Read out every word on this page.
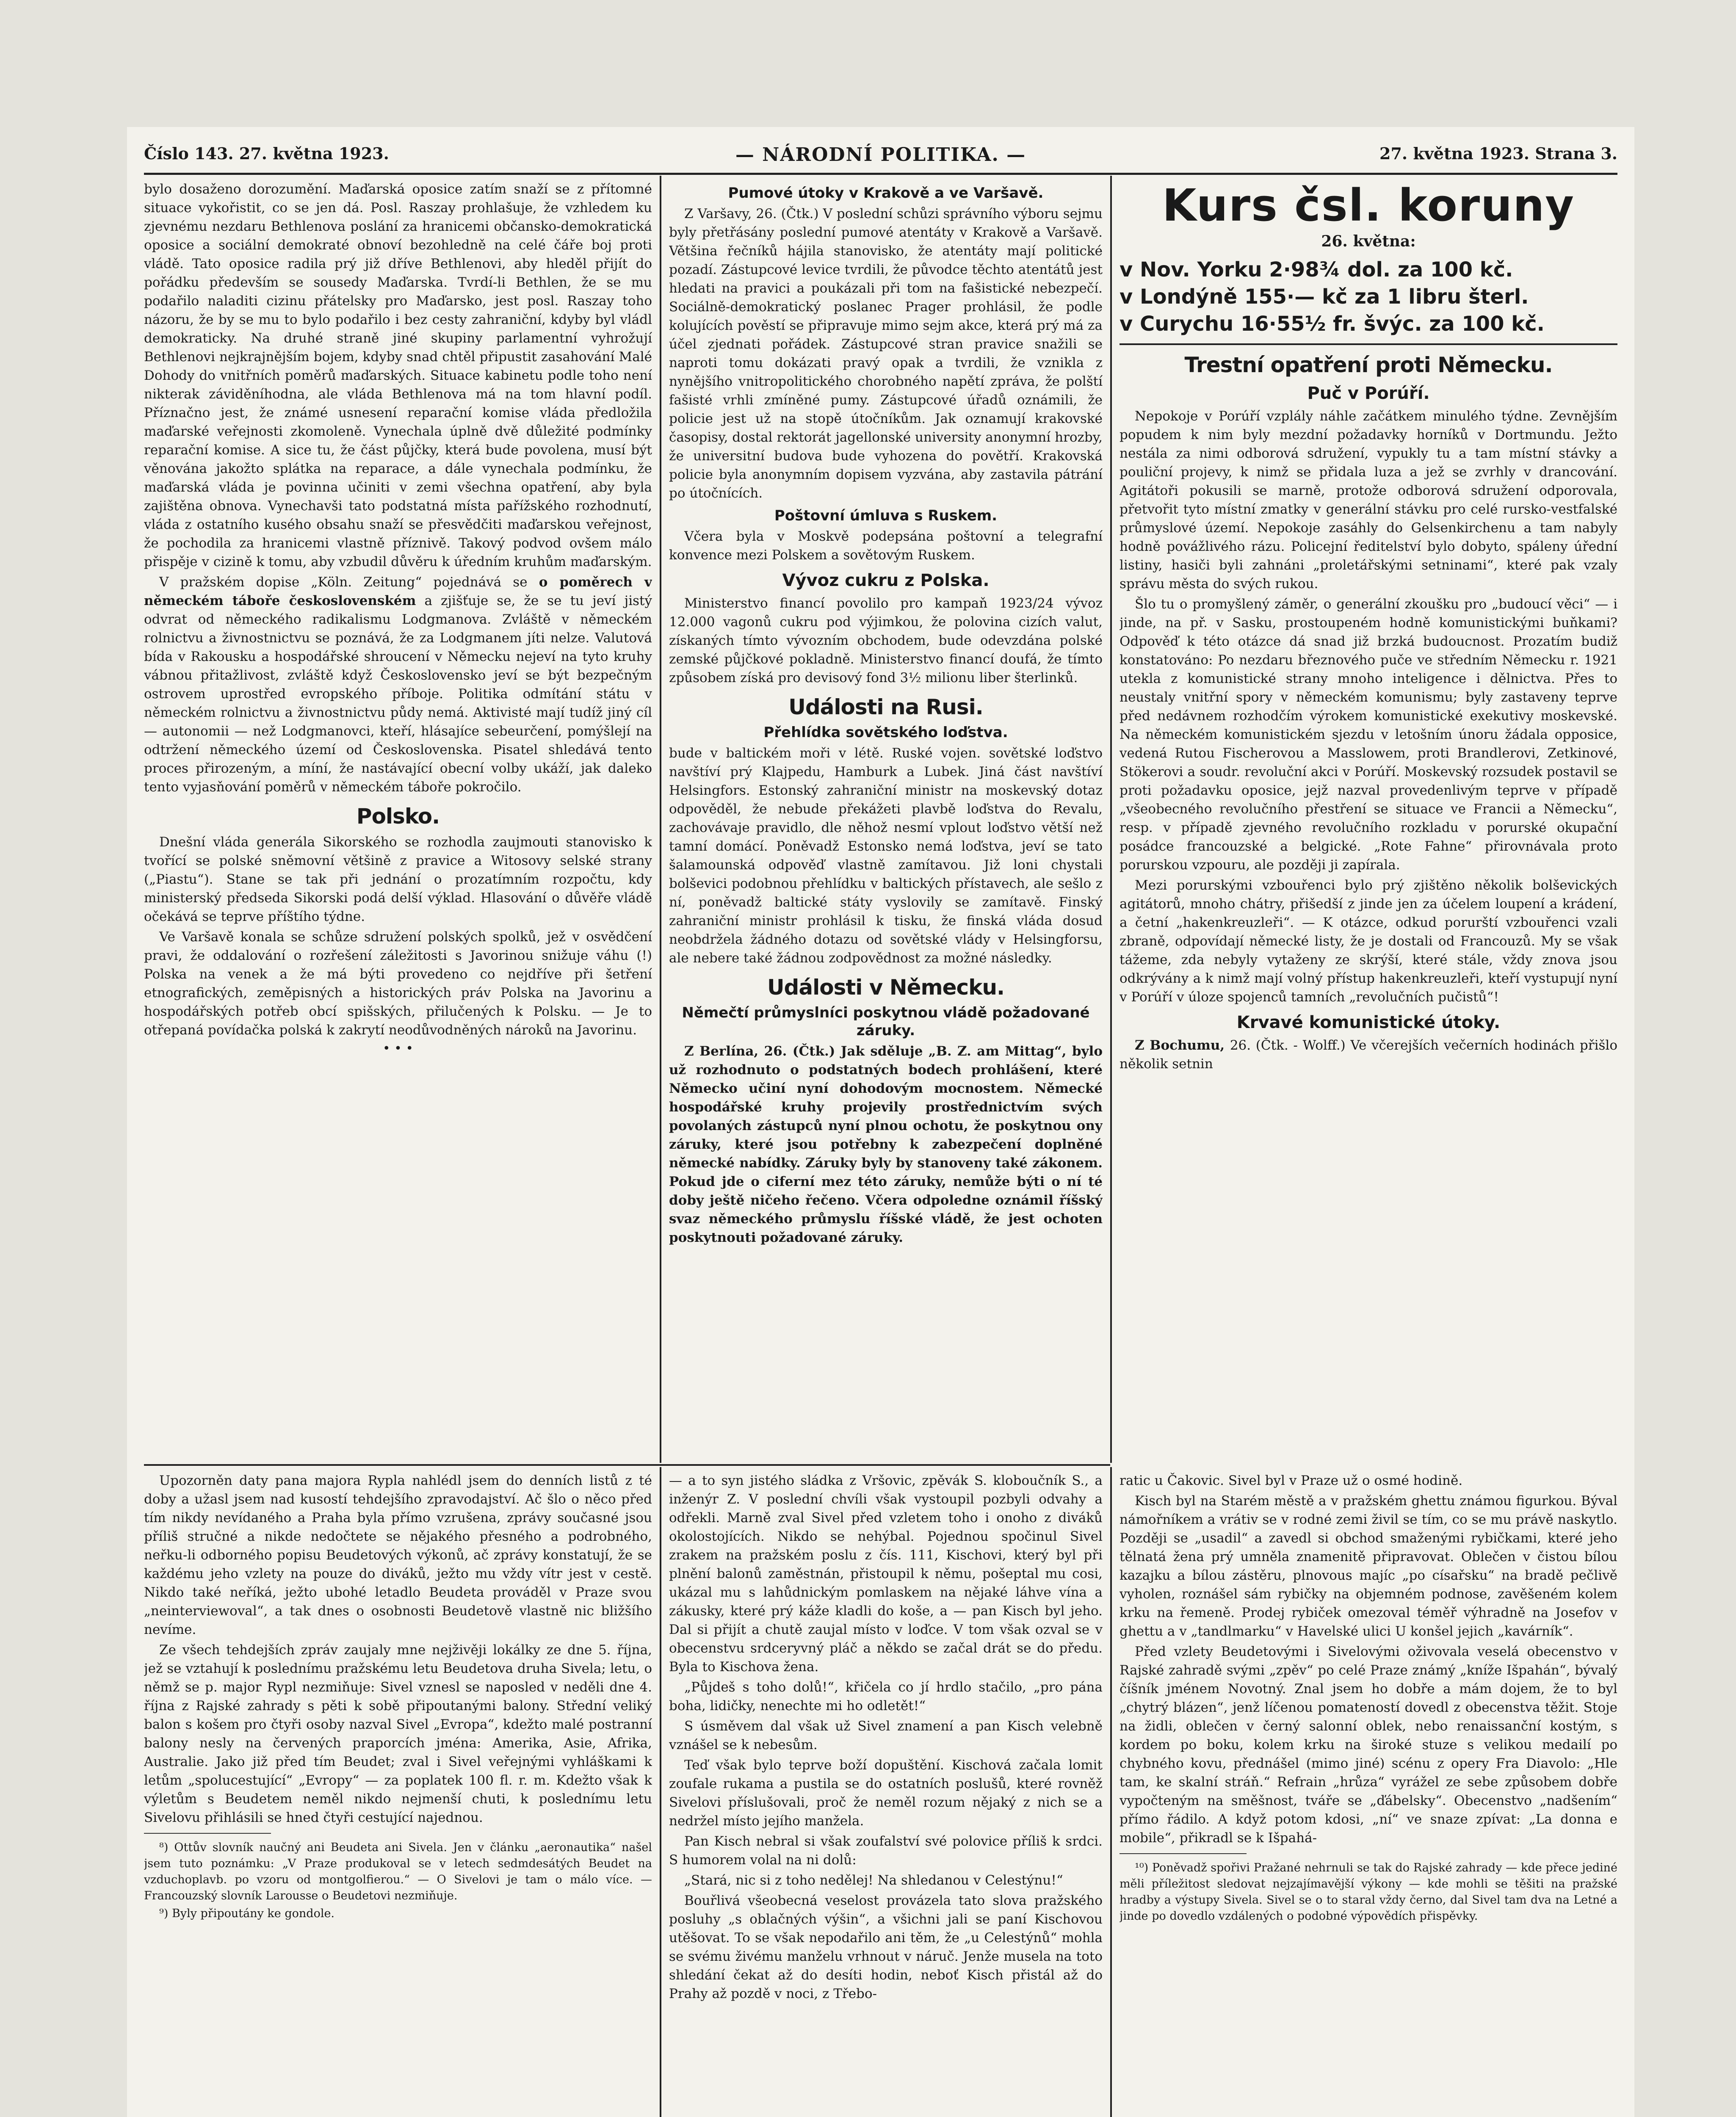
Číslo 143. 27. května 1923.	— NÁRODNÍ POLITIKA. —	27. května 1923. Strana 3.

bylo dosaženo dorozumění. Maďarská oposice zatím snaží se z přítomné situace vykořistit, co se jen dá. Posl. Raszay prohlašuje, že vzhledem ku zjevnému nezdaru Bethlenova poslání za hranicemi občansko-demokratická oposice a sociální demokraté obnoví bezohledně na celé čáře boj proti vládě. Tato oposice radila prý již dříve Bethlenovi, aby hleděl přijít do pořádku především se sousedy Maďarska. Tvrdí-li Bethlen, že se mu podařilo naladiti cizinu přátelsky pro Maďarsko, jest posl. Raszay toho názoru, že by se mu to bylo podařilo i bez cesty zahraniční, kdyby byl vládl demokraticky. Na druhé straně jiné skupiny parlamentní vyhrožují Bethlenovi nejkrajnějším bojem, kdyby snad chtěl připustit zasahování Malé Dohody do vnitřních poměrů maďarských. Situace kabinetu podle toho není nikterak záviděníhodna, ale vláda Bethlenova má na tom hlavní podíl. Příznačno jest, že známé usnesení reparační komise vláda předložila maďarské veřejnosti zkomoleně. Vynechala úplně dvě důležité podmínky reparační komise. A sice tu, že část půjčky, která bude povolena, musí být věnována jakožto splátka na reparace, a dále vynechala podmínku, že maďarská vláda je povinna učiniti v zemi všechna opatření, aby byla zajištěna obnova. Vynechavši tato podstatná místa pařížského rozhodnutí, vláda z ostatního kusého obsahu snaží se přesvědčiti maďarskou veřejnost, že pochodila za hranicemi vlastně příznivě. Takový podvod ovšem málo přispěje v cizině k tomu, aby vzbudil důvěru k úředním kruhům maďarským.

V pražském dopise „Köln. Zeitung“ pojednává se o poměrech v německém táboře československém a zjišťuje se, že se tu jeví jistý odvrat od německého radikalismu Lodgmanova. Zvláště v německém rolnictvu a živnostnictvu se poznává, že za Lodgmanem jíti nelze. Valutová bída v Rakousku a hospodářské shroucení v Německu nejeví na tyto kruhy vábnou přitažlivost, zvláště když Československo jeví se být bezpečným ostrovem uprostřed evropského příboje. Politika odmítání státu v německém rolnictvu a živnostnictvu půdy nemá. Aktivisté mají tudíž jiný cíl — autonomii — než Lodgmanovci, kteří, hlásajíce sebeurčení, pomýšlejí na odtržení německého území od Československa. Pisatel shledává tento proces přirozeným, a míní, že nastávající obecní volby ukáží, jak daleko tento vyjasňování poměrů v německém táboře pokročilo.

Polsko.

Dnešní vláda generála Sikorského se rozhodla zaujmouti stanovisko k tvořící se polské sněmovní většině z pravice a Witosovy selské strany („Piastu“). Stane se tak při jednání o prozatímním rozpočtu, kdy ministerský předseda Sikorski podá delší výklad. Hlasování o důvěře vládě očekává se teprve příštího týdne.

Ve Varšavě konala se schůze sdružení polských spolků, jež v osvědčení pravi, že oddalování o rozřešení záležitosti s Javorinou snižuje váhu (!) Polska na venek a že má býti provedeno co nejdříve při šetření etnografických, zeměpisných a historických práv Polska na Javorinu a hospodářských potřeb obcí spišských, přilučených k Polsku. — Je to otřepaná povídačka polská k zakrytí neodůvodněných nároků na Javorinu.

• • •
Pumové útoky v Krakově a ve Varšavě.

Z Varšavy, 26. (Čtk.) V poslední schůzi správního výboru sejmu byly přetřásány poslední pumové atentáty v Krakově a Varšavě. Většina řečníků hájila stanovisko, že atentáty mají politické pozadí. Zástupcové levice tvrdili, že původce těchto atentátů jest hledati na pravici a poukázali při tom na fašistické nebezpečí. Sociálně-demokratický poslanec Prager prohlásil, že podle kolujících pověstí se připravuje mimo sejm akce, která prý má za účel zjednati pořádek. Zástupcové stran pravice snažili se naproti tomu dokázati pravý opak a tvrdili, že vznikla z nynějšího vnitropolitického chorobného napětí zpráva, že polští fašisté vrhli zmíněné pumy. Zástupcové úřadů oznámili, že policie jest už na stopě útočníkům. Jak oznamují krakovské časopisy, dostal rektorát jagellonské university anonymní hrozby, že universitní budova bude vyhozena do povětří. Krakovská policie byla anonymním dopisem vyzvána, aby zastavila pátrání po útočnících.

Poštovní úmluva s Ruskem.

Včera byla v Moskvě podepsána poštovní a telegrafní konvence mezi Polskem a sovětovým Ruskem.

Vývoz cukru z Polska.

Ministerstvo financí povolilo pro kampaň 1923/24 vývoz 12.000 vagonů cukru pod výjimkou, že polovina cizích valut, získaných tímto vývozním obchodem, bude odevzdána polské zemské půjčkové pokladně. Ministerstvo financí doufá, že tímto způsobem získá pro devisový fond 3½ milionu liber šterlinků.

Události na Rusi.
Přehlídka sovětského loďstva.

bude v baltickém moři v létě. Ruské vojen. sovětské loďstvo navštíví prý Klajpedu, Hamburk a Lubek. Jiná část navštíví Helsingfors. Estonský zahraniční ministr na moskevský dotaz odpověděl, že nebude překážeti plavbě loďstva do Revalu, zachovávaje pravidlo, dle něhož nesmí vplout loďstvo větší než tamní domácí. Poněvadž Estonsko nemá loďstva, jeví se tato šalamounská odpověď vlastně zamítavou. Již loni chystali bolševici podobnou přehlídku v baltických přístavech, ale sešlo z ní, poněvadž baltické státy vyslovily se zamítavě. Finský zahraniční ministr prohlásil k tisku, že finská vláda dosud neobdržela žádného dotazu od sovětské vlády v Helsingforsu, ale nebere také žádnou zodpovědnost za možné následky.

Události v Německu.
Němečtí průmyslníci poskytnou vládě požadované záruky.

Z Berlína, 26. (Čtk.) Jak sděluje „B. Z. am Mittag“, bylo už rozhodnuto o podstatných bodech prohlášení, které Německo učiní nyní dohodovým mocnostem. Německé hospodářské kruhy projevily prostřednictvím svých povolaných zástupců nyní plnou ochotu, že poskytnou ony záruky, které jsou potřebny k zabezpečení doplněné německé nabídky. Záruky byly by stanoveny také zákonem. Pokud jde o ciferní mez této záruky, nemůže býti o ní té doby ještě ničeho řečeno. Včera odpoledne oznámil říšský svaz německého průmyslu říšské vládě, že jest ochoten poskytnouti požadované záruky.

Kurs čsl. koruny
26. května:
v Nov. Yorku 2·98¾ dol. za 100 kč.
v Londýně 155·— kč za 1 libru šterl.
v Curychu 16·55½ fr. švýc. za 100 kč.
Trestní opatření proti Německu.
Puč v Porúří.

Nepokoje v Porúří vzplály náhle začátkem minulého týdne. Zevnějším popudem k nim byly mezdní požadavky horníků v Dortmundu. Ježto nestála za nimi odborová sdružení, vypukly tu a tam místní stávky a pouliční projevy, k nimž se přidala luza a jež se zvrhly v drancování. Agitátoři pokusili se marně, protože odborová sdružení odporovala, přetvořit tyto místní zmatky v generální stávku pro celé rursko-vestfalské průmyslové území. Nepokoje zasáhly do Gelsenkirchenu a tam nabyly hodně povážlivého rázu. Policejní ředitelství bylo dobyto, spáleny úřední listiny, hasiči byli zahnáni „proletářskými setninami“, které pak vzaly správu města do svých rukou.

Šlo tu o promyšlený záměr, o generální zkoušku pro „budoucí věci“ — i jinde, na př. v Sasku, prostoupeném hodně komunistickými buňkami? Odpověď k této otázce dá snad již brzká budoucnost. Prozatím budiž konstatováno: Po nezdaru březnového puče ve středním Německu r. 1921 utekla z komunistické strany mnoho inteligence i dělnictva. Přes to neustaly vnitřní spory v německém komunismu; byly zastaveny teprve před nedávnem rozhodčím výrokem komunistické exekutivy moskevské. Na německém komunistickém sjezdu v letošním únoru žádala opposice, vedená Rutou Fischerovou a Masslowem, proti Brandlerovi, Zetkinové, Stökerovi a soudr. revoluční akci v Porúří. Moskevský rozsudek postavil se proti požadavku oposice, jejž nazval provedenlivým teprve v případě „všeobecného revolučního přestření se situace ve Francii a Německu“, resp. v případě zjevného revolučního rozkladu v porurské okupační posádce francouzské a belgické. „Rote Fahne“ přirovnávala proto porurskou vzpouru, ale později ji zapírala.

Mezi porurskými vzbouřenci bylo prý zjištěno několik bolševických agitátorů, mnoho chátry, přišedší z jinde jen za účelem loupení a krádení, a četní „hakenkreuzleři“. — K otázce, odkud porurští vzbouřenci vzali zbraně, odpovídají německé listy, že je dostali od Francouzů. My se však tážeme, zda nebyly vytaženy ze skrýší, které stále, vždy znova jsou odkrývány a k nimž mají volný přístup hakenkreuzleři, kteří vystupují nyní v Porúří v úloze spojenců tamních „revolučních pučistů“!

Krvavé komunistické útoky.

Z Bochumu, 26. (Čtk. - Wolff.) Ve včerejších večerních hodinách přišlo několik setnin

Upozorněn daty pana majora Rypla nahlédl jsem do denních listů z té doby a užasl jsem nad kusostí tehdejšího zpravodajství. Ač šlo o něco před tím nikdy nevídaného a Praha byla přímo vzrušena, zprávy současné jsou příliš stručné a nikde nedočtete se nějakého přesného a podrobného, neřku-li odborného popisu Beudetových výkonů, ač zprávy konstatují, že se každému jeho vzlety na pouze do diváků, ježto mu vždy vítr jest v cestě. Nikdo také neříká, ježto ubohé letadlo Beudeta prováděl v Praze svou „neinterviewoval“, a tak dnes o osobnosti Beudetově vlastně nic bližšího nevíme.

Ze všech tehdejších zpráv zaujaly mne nejživěji lokálky ze dne 5. října, jež se vztahují k poslednímu pražskému letu Beudetova druha Sivela; letu, o němž se p. major Rypl nezmiňuje: Sivel vznesl se naposled v neděli dne 4. října z Rajské zahrady s pěti k sobě připoutanými balony. Střední veliký balon s košem pro čtyři osoby nazval Sivel „Evropa“, kdežto malé postranní balony nesly na červených praporcích jména: Amerika, Asie, Afrika, Australie. Jako již před tím Beudet; zval i Sivel veřejnými vyhláškami k letům „spolucestující“ „Evropy“ — za poplatek 100 fl. r. m. Kdežto však k výletům s Beudetem neměl nikdo nejmenší chuti, k poslednímu letu Sivelovu přihlásili se hned čtyři cestující najednou.

⁸) Ottův slovník naučný ani Beudeta ani Sivela. Jen v článku „aeronautika“ našel jsem tuto poznámku: „V Praze produkoval se v letech sedmdesátých Beudet na vzduchoplavb. po vzoru od montgolfierou.“ — O Sivelovi je tam o málo více. — Francouzský slovník Larousse o Beudetovi nezmiňuje.

⁹) Byly připoutány ke gondole.

— a to syn jistého sládka z Vršovic, zpěvák S. kloboučník S., a inženýr Z. V poslední chvíli však vystoupil pozbyli odvahy a odřekli. Marně zval Sivel před vzletem toho i onoho z diváků okolostojících. Nikdo se nehýbal. Pojednou spočinul Sivel zrakem na pražském poslu z čís. 111, Kischovi, který byl při plnění balonů zaměstnán, přistoupil k němu, pošeptal mu cosi, ukázal mu s lahůdnickým pomlaskem na nějaké láhve vína a zákusky, které prý káže kladli do koše, a — pan Kisch byl jeho. Dal si přijít a chutě zaujal místo v loďce. V tom však ozval se v obecenstvu srdceryvný pláč a někdo se začal drát se do předu. Byla to Kischova žena.

„Půjdeš s toho dolů!“, křičela co jí hrdlo stačilo, „pro pána boha, lidičky, nenechte mi ho odletět!“

S úsměvem dal však už Sivel znamení a pan Kisch velebně vznášel se k nebesům.

Teď však bylo teprve boží dopuštění. Kischová začala lomit zoufale rukama a pustila se do ostatních poslušů, které rovněž Sivelovi příslušovali, proč že neměl rozum nějaký z nich se a nedržel místo jejího manžela.

Pan Kisch nebral si však zoufalství své polovice příliš k srdci. S humorem volal na ni dolů:

„Stará, nic si z toho nedělej! Na shledanou v Celestýnu!“

Bouřlivá všeobecná veselost provázela tato slova pražského posluhy „s oblačných výšin“, a všichni jali se paní Kischovou utěšovat. To se však nepodařilo ani těm, že „u Celestýnů“ mohla se svému živému manželu vrhnout v náruč. Jenže musela na toto shledání čekat až do desíti hodin, neboť Kisch přistál až do Prahy až pozdě v noci, z Třebo-

ratic u Čakovic. Sivel byl v Praze už o osmé hodině.

Kisch byl na Starém městě a v pražském ghettu známou figurkou. Býval námořníkem a vrátiv se v rodné zemi živil se tím, co se mu právě naskytlo. Později se „usadil“ a zavedl si obchod smaženými rybičkami, které jeho tělnatá žena prý umněla znamenitě připravovat. Oblečen v čistou bílou kazajku a bílou zástěru, plnovous majíc „po císařsku“ na bradě pečlivě vyholen, roznášel sám rybičky na objemném podnose, zavěšeném kolem krku na řemeně. Prodej rybiček omezoval téměř výhradně na Josefov v ghettu a v „tandlmarku“ v Havelské ulici U konšel jejich „kavárník“.

Před vzlety Beudetovými i Sivelovými oživovala veselá obecenstvo v Rajské zahradě svými „zpěv“ po celé Praze známý „kníže Išpahán“, bývalý číšník jménem Novotný. Znal jsem ho dobře a mám dojem, že to byl „chytrý blázen“, jenž líčenou pomateností dovedl z obecenstva těžit. Stoje na židli, oblečen v černý salonní oblek, nebo renaissanční kostým, s kordem po boku, kolem krku na široké stuze s velikou medailí po chybného kovu, přednášel (mimo jiné) scénu z opery Fra Diavolo: „Hle tam, ke skalní stráň.“ Refrain „hrůza“ vyrážel ze sebe způsobem dobře vypočteným na směšnost, tváře se „ďábelsky“. Obecenstvo „nadšením“ přímo řádilo. A když potom kdosi, „ní“ ve snaze zpívat: „La donna e mobile“, přikradl se k Išpahá-

¹⁰) Poněvadž spořivi Pražané nehrnuli se tak do Rajské zahrady — kde přece jediné měli příležitost sledovat nejzajímavější výkony — kde mohli se těšiti na pražské hradby a výstupy Sivela. Sivel se o to staral vždy černo, dal Sivel tam dva na Letné a jinde po dovedlo vzdálených o podobné výpovědích přispěvky.
